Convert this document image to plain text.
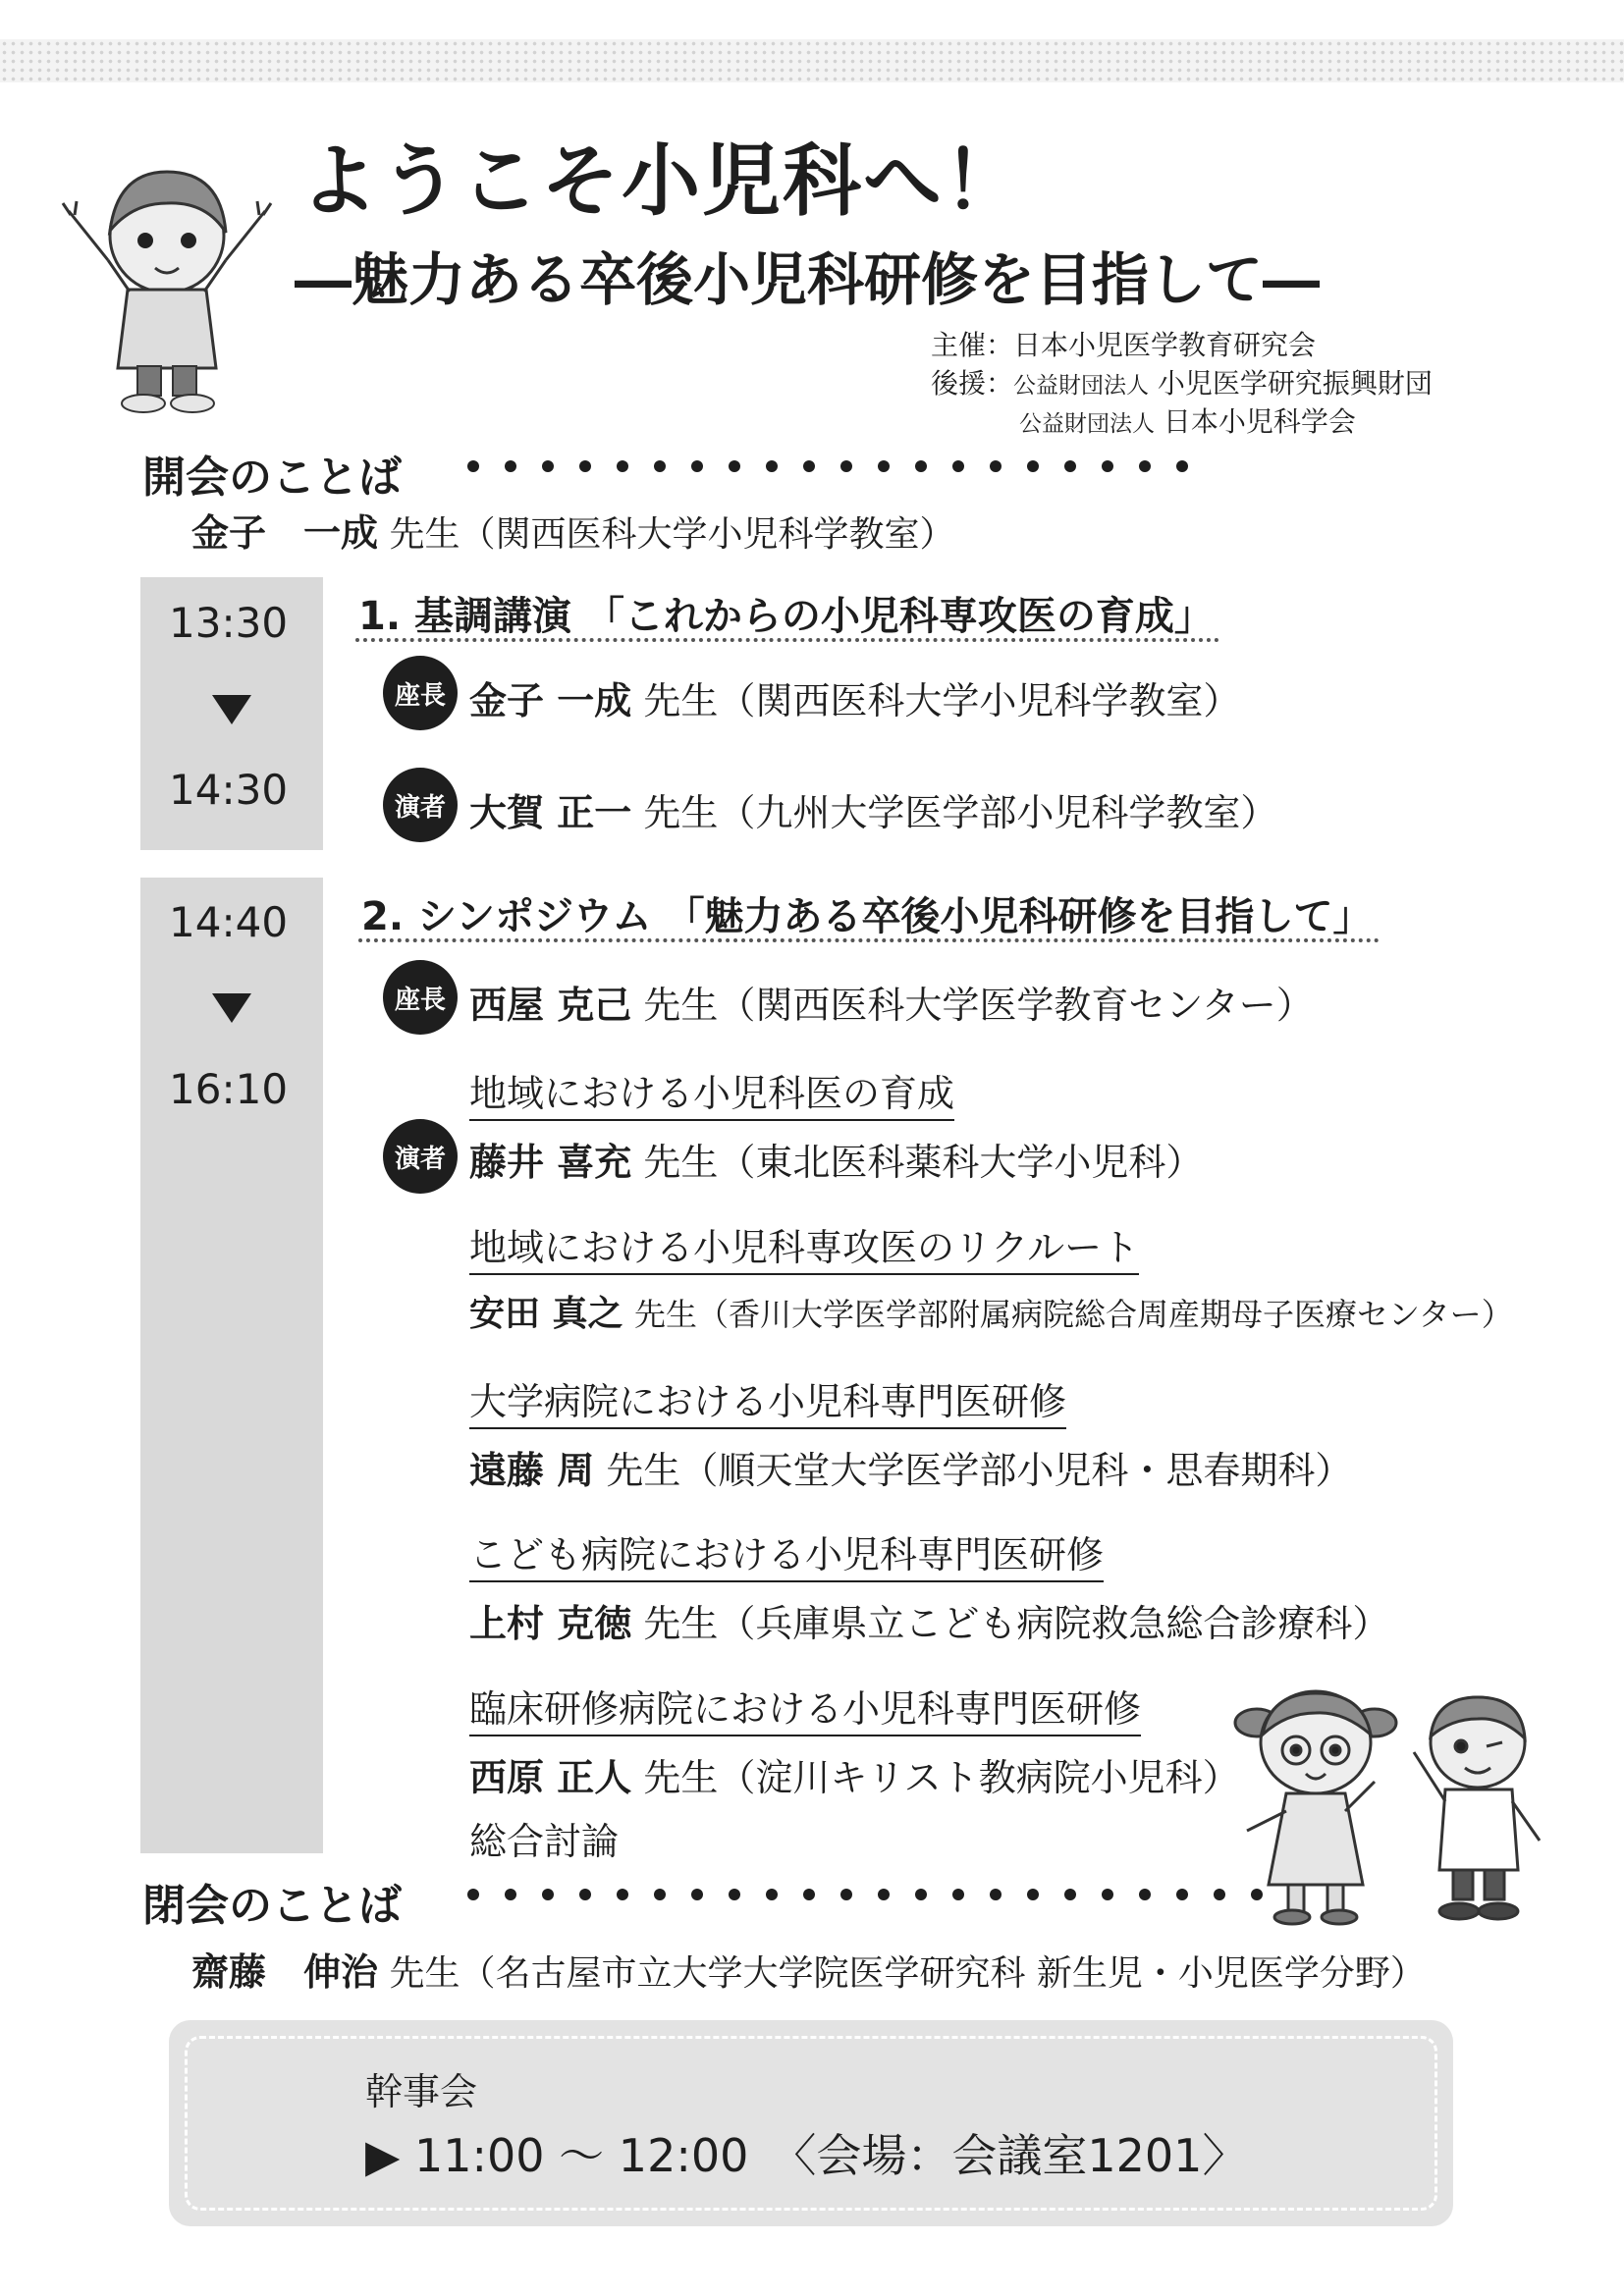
ようこそ小児科へ！
―魅力ある卒後小児科研修を目指して―
主催：日本小児医学教育研究会
後援：公益財団法人 小児医学研究振興財団
公益財団法人 日本小児科学会
開会のことば
金子　一成 先生（関西医科大学小児科学教室）
13:30
14:30
1. 基調講演 「これからの小児科専攻医の育成」
座長 金子 一成 先生（関西医科大学小児科学教室）
演者 大賀 正一 先生（九州大学医学部小児科学教室）
14:40
16:10
2. シンポジウム 「魅力ある卒後小児科研修を目指して」
座長 西屋 克己 先生（関西医科大学医学教育センター）
地域における小児科医の育成
演者 藤井 喜充 先生（東北医科薬科大学小児科）
地域における小児科専攻医のリクルート
安田 真之 先生（香川大学医学部附属病院総合周産期母子医療センター）
大学病院における小児科専門医研修
遠藤 周 先生（順天堂大学医学部小児科・思春期科）
こども病院における小児科専門医研修
上村 克徳 先生（兵庫県立こども病院救急総合診療科）
臨床研修病院における小児科専門医研修
西原 正人 先生（淀川キリスト教病院小児科）
総合討論
閉会のことば
齋藤　伸治 先生（名古屋市立大学大学院医学研究科 新生児・小児医学分野）
幹事会
▶ 11:00 ～ 12:00　〈会場：会議室1201〉
